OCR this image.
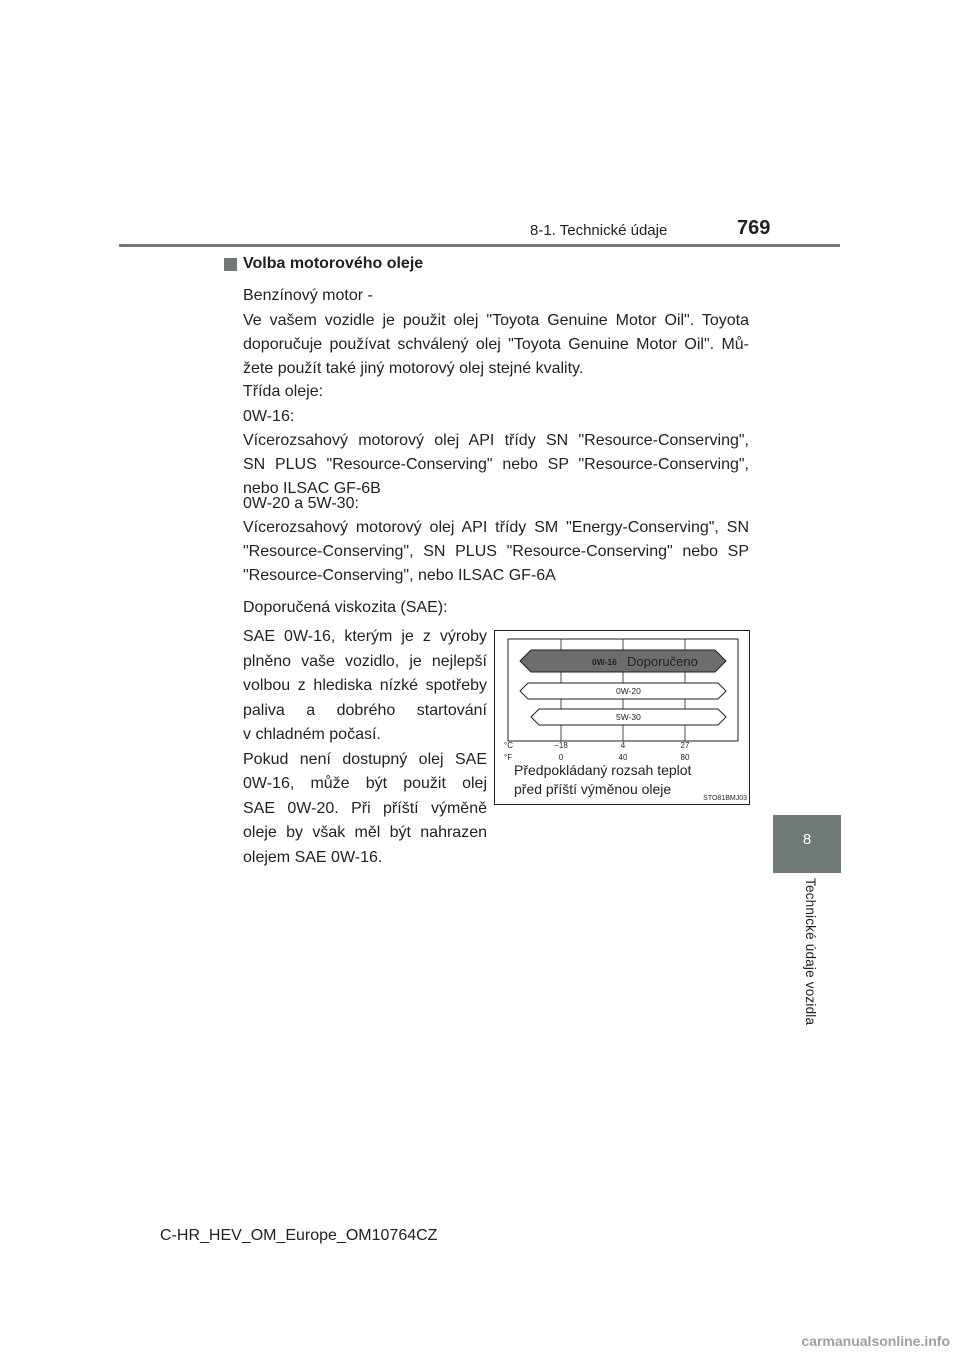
8-1. Technické údaje	769
8
Technické údaje vozidla
Volba motorového oleje

Benzínový motor -

Ve vašem vozidle je použit olej "Toyota Genuine Motor Oil". Toyota
doporučuje používat schválený olej "Toyota Genuine Motor Oil". Mů-
žete použít také jiný motorový olej stejné kvality.

Třída oleje:

0W-16:
Vícerozsahový motorový olej API třídy SN "Resource-Conserving",
SN PLUS "Resource-Conserving" nebo SP "Resource-Conserving",
nebo ILSAC GF-6B
0W-20 a 5W-30:
Vícerozsahový motorový olej API třídy SM "Energy-Conserving", SN
"Resource-Conserving", SN PLUS "Resource-Conserving" nebo SP
"Resource-Conserving", nebo ILSAC GF-6A

Doporučená viskozita (SAE):

SAE 0W-16, kterým je z výroby
plněno vaše vozidlo, je nejlepší
volbou z hlediska nízké spotřeby
paliva a dobrého startování
v chladném počasí.
Pokud není dostupný olej SAE
0W-16, může být použit olej
SAE 0W-20. Při příští výměně
oleje by však měl být nahrazen
olejem SAE 0W-16.
0W-16 Doporučeno
0W-20
5W-30
°C
°F
−18	4	27
0	40	80
Předpokládaný rozsah teplot
před příští výměnou oleje
STO81BMJ03
C-HR_HEV_OM_Europe_OM10764CZ
carmanualsonline.info
